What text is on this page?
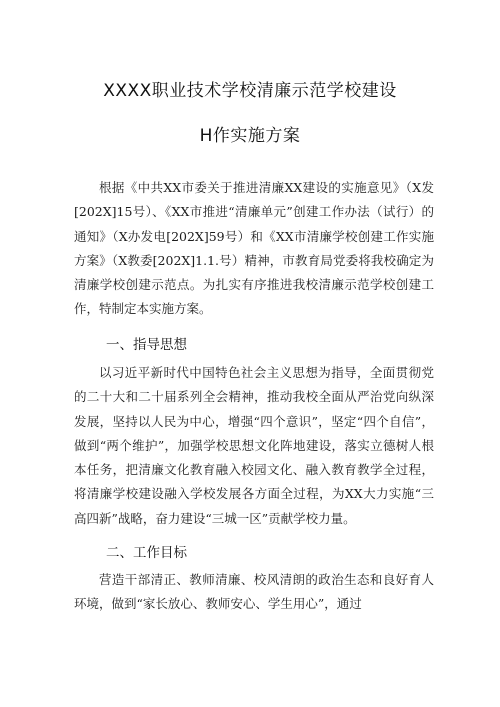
XXXX职业技术学校清廉示范学校建设
H作实施方案

根据《中共XX市委关于推进清廉XX建设的实施意见》（X发[202X]15号）、《XX市推进“清廉单元”创建工作办法（试行）的通知》（X办发电[202X]59号）和《XX市清廉学校创建工作实施方案》（X教委[202X]1.1.号）精神，市教育局党委将我校确定为清廉学校创建示范点。为扎实有序推进我校清廉示范学校创建工作，特制定本实施方案。

一、指导思想

以习近平新时代中国特色社会主义思想为指导，全面贯彻党的二十大和二十届系列全会精神，推动我校全面从严治党向纵深发展，坚持以人民为中心，增强“四个意识”，坚定“四个自信”，做到“两个维护”，加强学校思想文化阵地建设，落实立德树人根本任务，把清廉文化教育融入校园文化、融入教育教学全过程，将清廉学校建设融入学校发展各方面全过程，为XX大力实施“三高四新”战略，奋力建设“三城一区”贡献学校力量。

二、工作目标

营造干部清正、教师清廉、校风清朗的政治生态和良好育人环境，做到“家长放心、教师安心、学生用心”，通过
